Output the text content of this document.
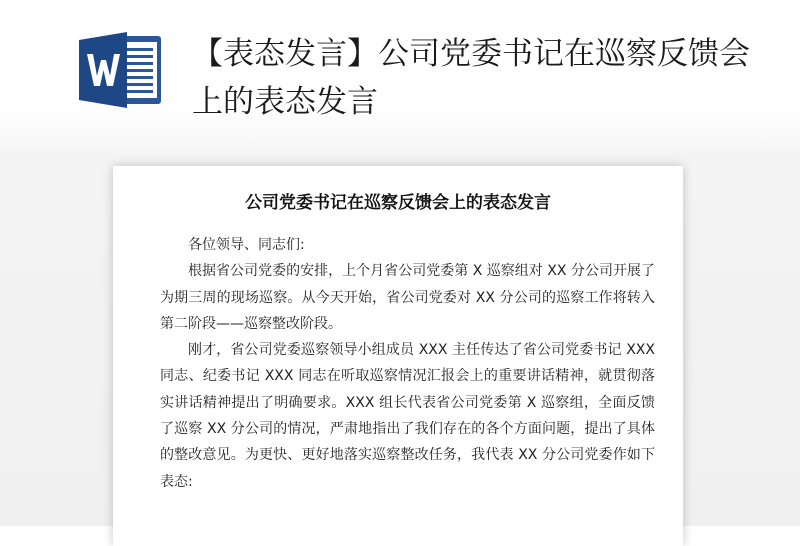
【表态发言】公司党委书记在巡察反馈会上的表态发言
公司党委书记在巡察反馈会上的表态发言

各位领导、同志们:

根据省公司党委的安排，上个月省公司党委第 X 巡察组对 XX 分公司开展了为期三周的现场巡察。从今天开始，省公司党委对 XX 分公司的巡察工作将转入第二阶段——巡察整改阶段。

刚才，省公司党委巡察领导小组成员 XXX 主任传达了省公司党委书记 XXX 同志、纪委书记 XXX 同志在听取巡察情况汇报会上的重要讲话精神，就贯彻落实讲话精神提出了明确要求。XXX 组长代表省公司党委第 X 巡察组，全面反馈了巡察 XX 分公司的情况，严肃地指出了我们存在的各个方面问题，提出了具体的整改意见。为更快、更好地落实巡察整改任务，我代表 XX 分公司党委作如下表态:
